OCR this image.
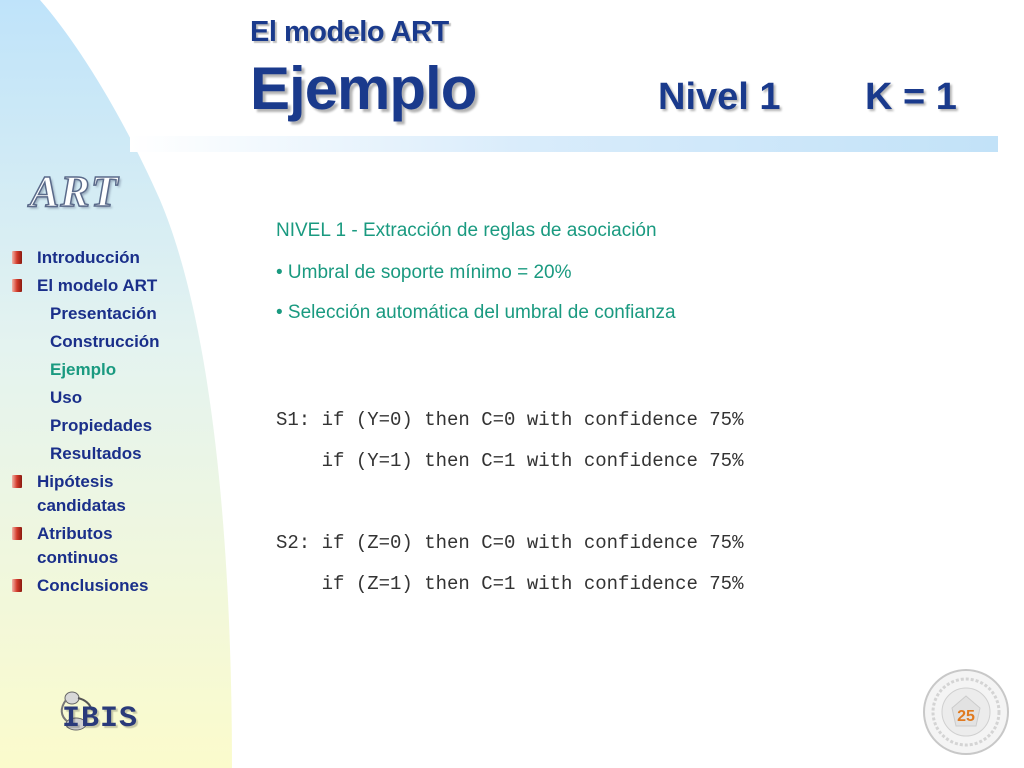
El modelo ART
Ejemplo	Nivel 1 K = 1
ART
Introducción
El modelo ART
Presentación
Construcción
Ejemplo
Uso
Propiedades
Resultados
Hipótesis candidatas
Atributos continuos
Conclusiones
NIVEL 1 - Extracción de reglas de asociación
• Umbral de soporte mínimo = 20%
• Selección automática del umbral de confianza
S1: if (Y=0) then C=0 with confidence 75%
if (Y=1) then C=1 with confidence 75%
S2: if (Z=0) then C=0 with confidence 75%
if (Z=1) then C=1 with confidence 75%
IBIS	25
